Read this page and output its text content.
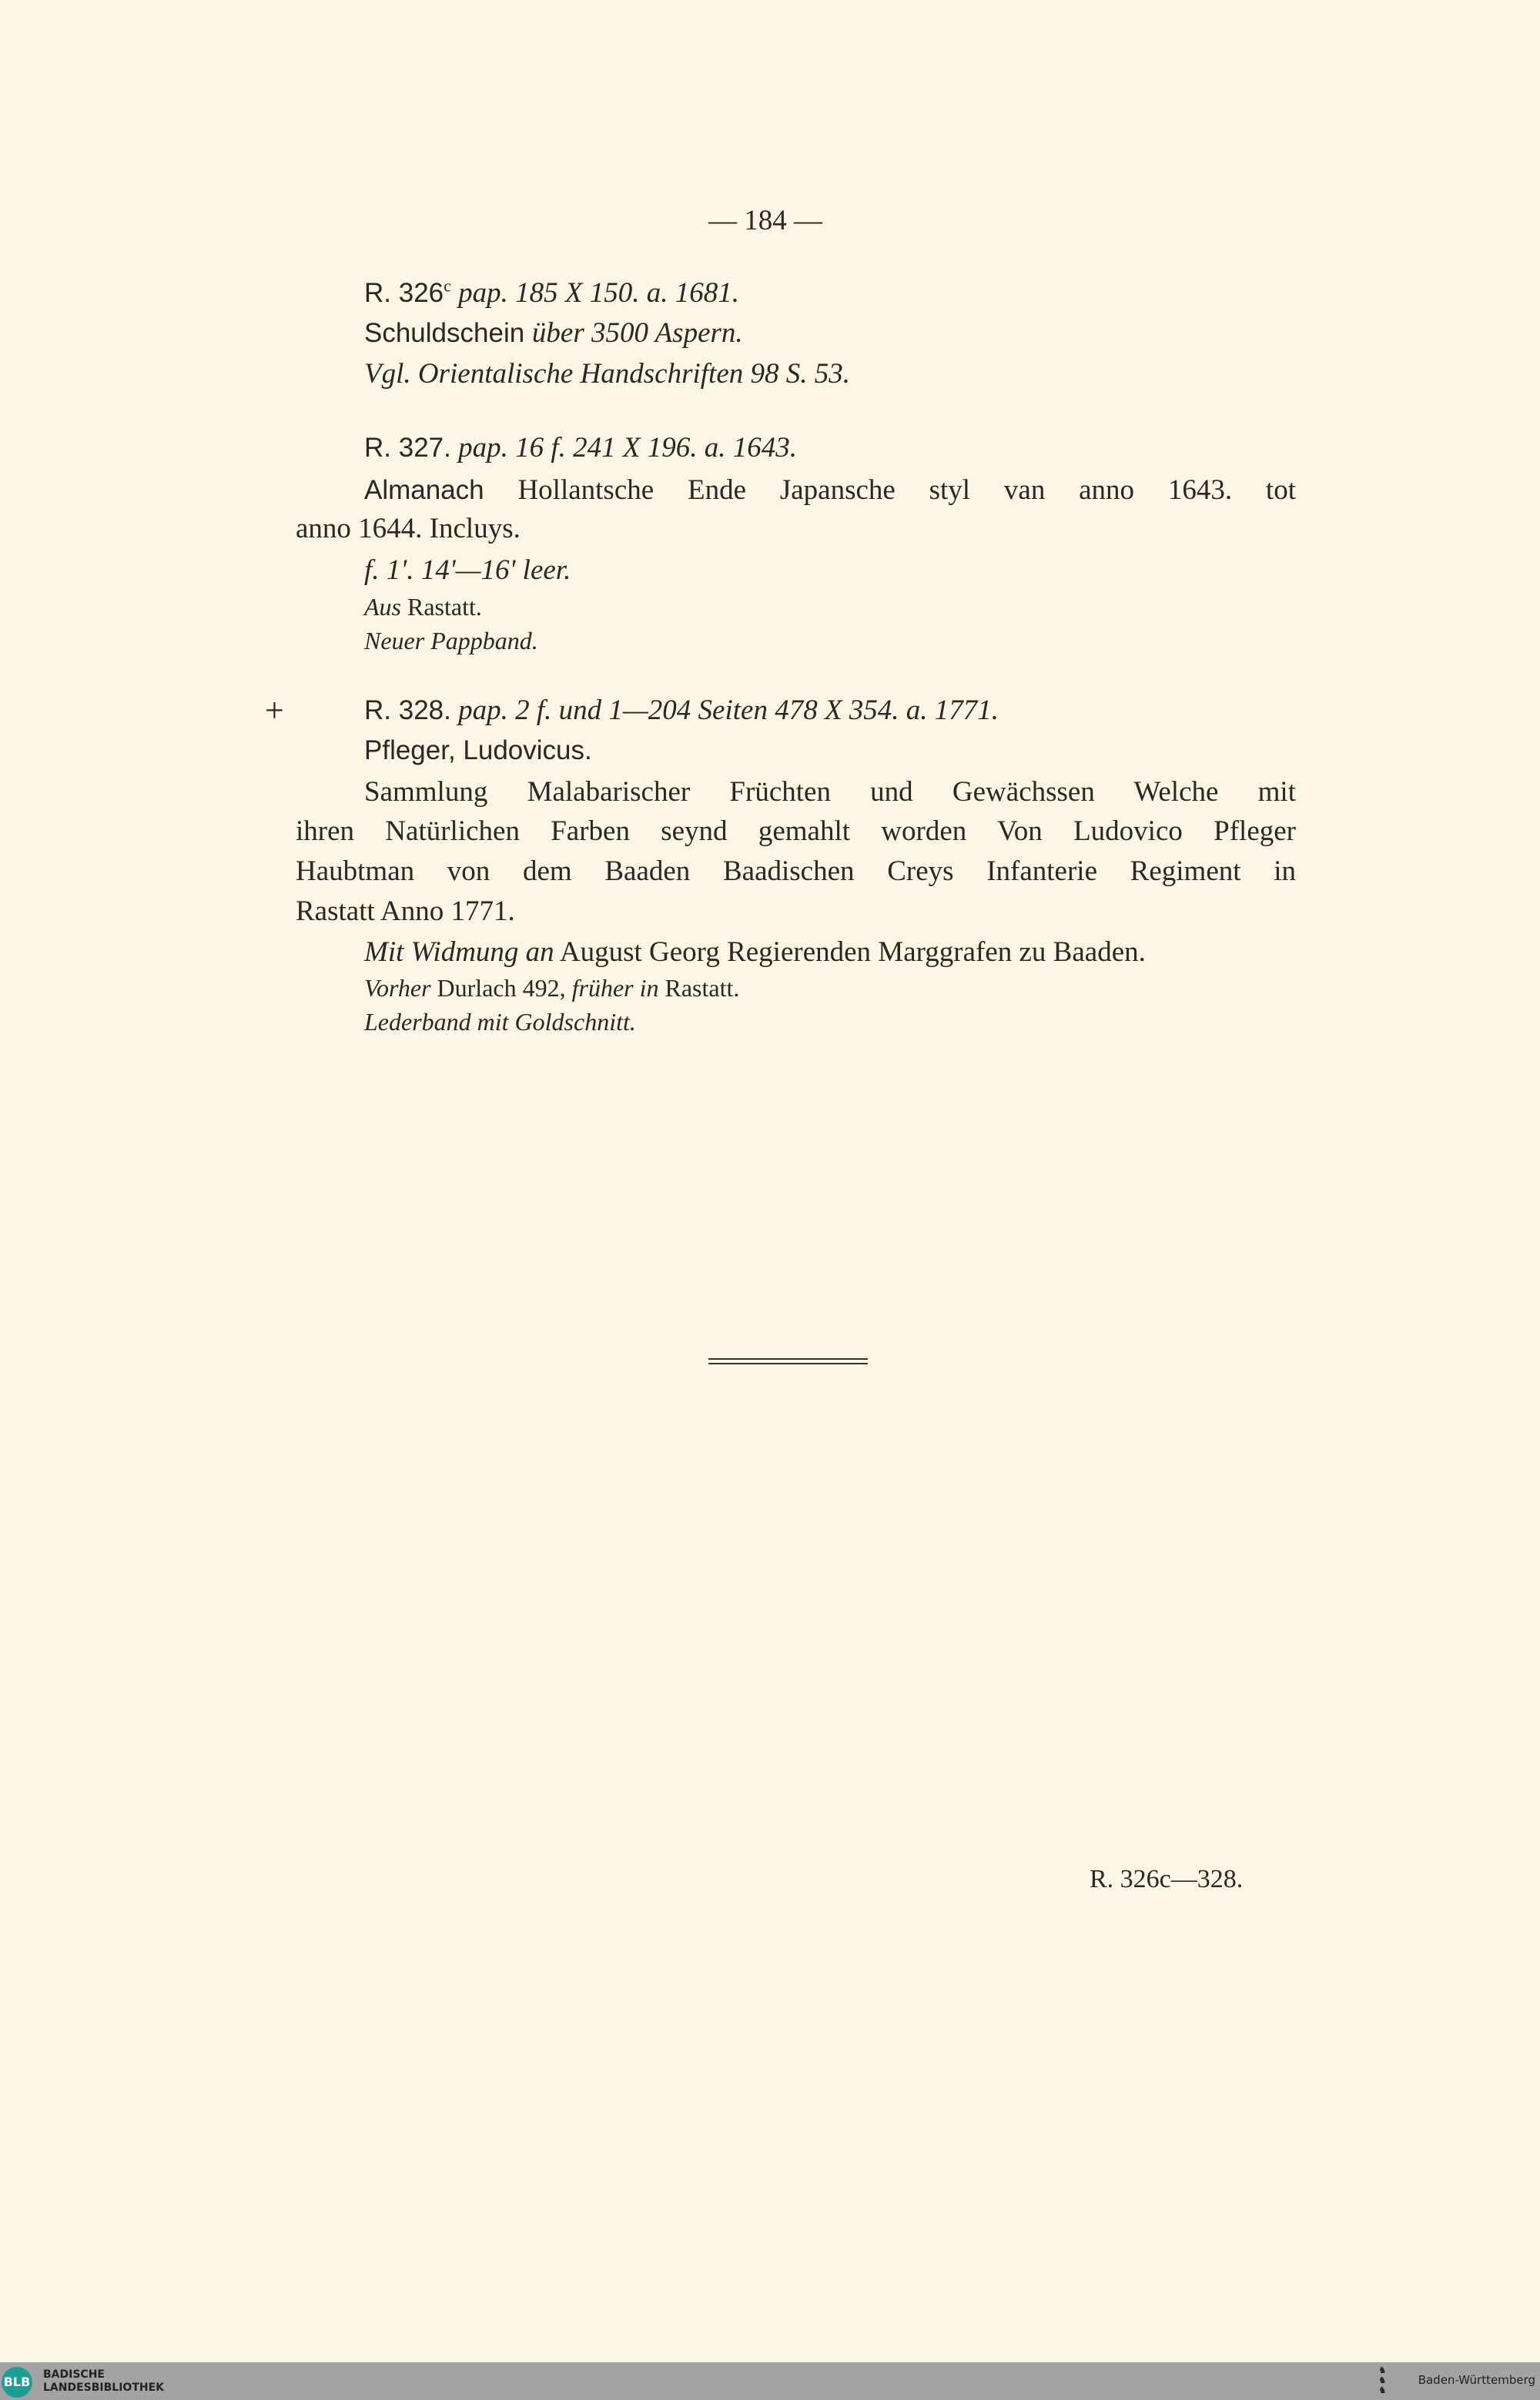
— 184 —
R. 326$^c$ pap. 185 X 150. a. 1681.
Schuldschein über 3500 Aspern.
Vgl. Orientalische Handschriften 98 S. 53.
R. 327. pap. 16 f. 241 X 196. a. 1643.
Almanach Hollantsche Ende Japansche styl van anno 1643. tot
anno 1644. Incluys.
f. 1'. 14'—16' leer.
Aus Rastatt.
Neuer Pappband.
+	R. 328. pap. 2 f. und 1—204 Seiten 478 X 354. a. 1771.
Pfleger, Ludovicus.
Sammlung Malabarischer Früchten und Gewächssen Welche mit
ihren Natürlichen Farben seynd gemahlt worden Von Ludovico Pfleger
Haubtman von dem Baaden Baadischen Creys Infanterie Regiment in
Rastatt Anno 1771.
Mit Widmung an August Georg Regierenden Marggrafen zu Baaden.
Vorher Durlach 492, früher in Rastatt.
Lederband mit Goldschnitt.
R. 326c—328.
BLB BADISCHE
LANDESBIBLIOTHEK
♞
♞
♞
Baden-Württemberg
